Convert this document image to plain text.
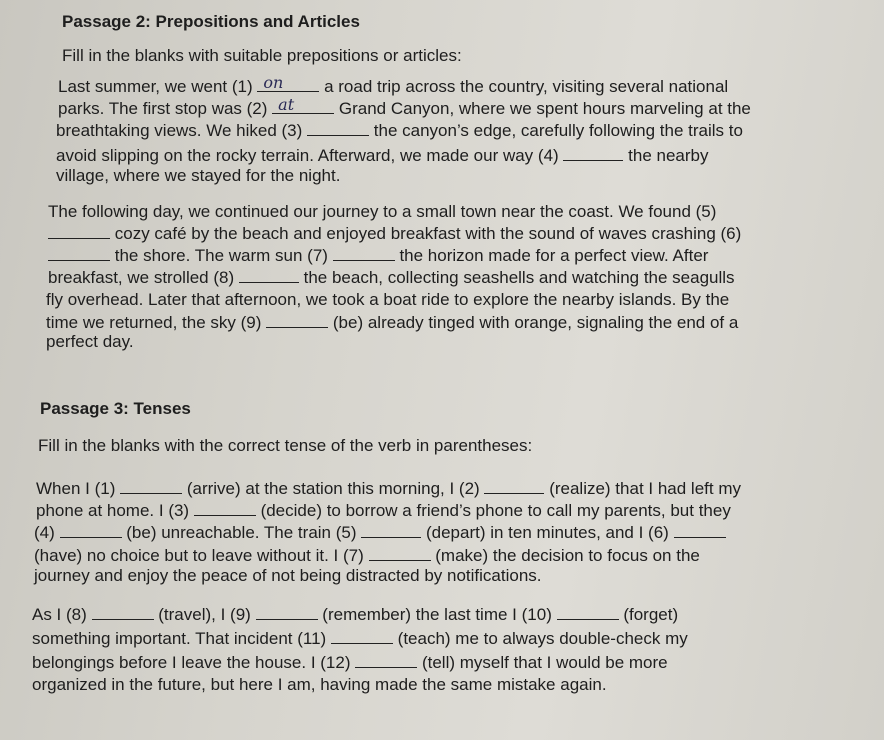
Passage 2: Prepositions and Articles
Fill in the blanks with suitable prepositions or articles:
Last summer, we went (1) on a road trip across the country, visiting several national
parks. The first stop was (2) at	Grand Canyon, where we spent hours marveling at the
breathtaking views. We hiked (3)	the canyon’s edge, carefully following the trails to
avoid slipping on the rocky terrain. Afterward, we made our way (4)	the nearby
village, where we stayed for the night.
The following day, we continued our journey to a small town near the coast. We found (5)
cozy café by the beach and enjoyed breakfast with the sound of waves crashing (6)
the shore. The warm sun (7)	the horizon made for a perfect view. After
breakfast, we strolled (8)	the beach, collecting seashells and watching the seagulls
fly overhead. Later that afternoon, we took a boat ride to explore the nearby islands. By the
time we returned, the sky (9)	(be) already tinged with orange, signaling the end of a
perfect day.
Passage 3: Tenses
Fill in the blanks with the correct tense of the verb in parentheses:
When I (1)	(arrive) at the station this morning, I (2)	(realize) that I had left my
phone at home. I (3)	(decide) to borrow a friend’s phone to call my parents, but they
(4)	(be) unreachable. The train (5)	(depart) in ten minutes, and I (6)
(have) no choice but to leave without it. I (7)	(make) the decision to focus on the
journey and enjoy the peace of not being distracted by notifications.
As I (8)	(travel), I (9)	(remember) the last time I (10)	(forget)
something important. That incident (11)	(teach) me to always double-check my
belongings before I leave the house. I (12)	(tell) myself that I would be more
organized in the future, but here I am, having made the same mistake again.
